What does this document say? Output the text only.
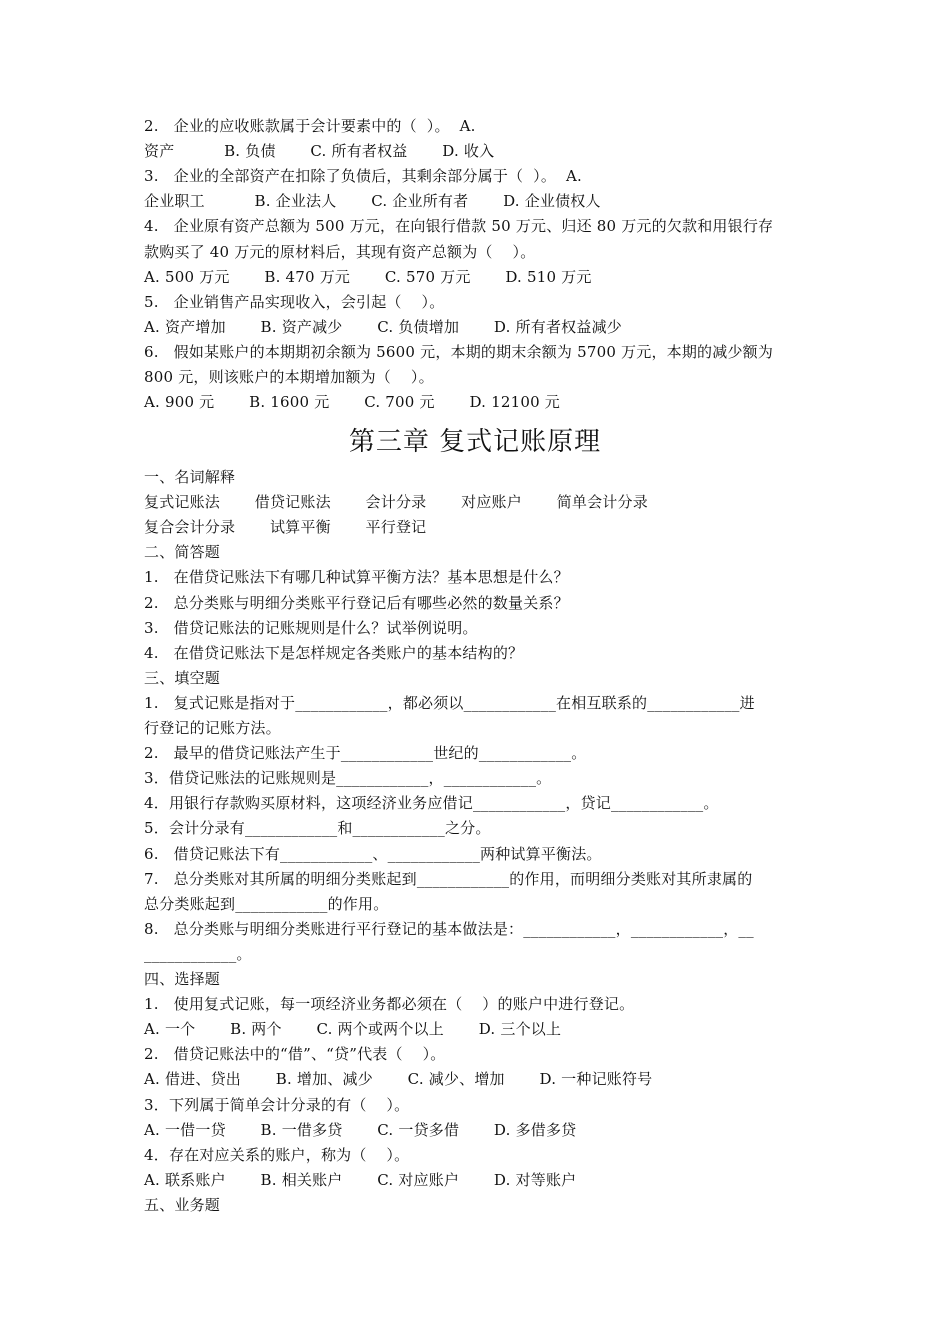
2.   企业的应收账款属于会计要素中的（  ）。  A.
资产          B. 负债       C. 所有者权益       D. 收入
3.   企业的全部资产在扣除了负债后，其剩余部分属于（  ）。  A.
企业职工          B. 企业法人       C. 企业所有者       D. 企业债权人
4.   企业原有资产总额为 500 万元，在向银行借款 50 万元、归还 80 万元的欠款和用银行存
款购买了 40 万元的原材料后，其现有资产总额为（    ）。
A. 500 万元       B. 470 万元       C. 570 万元       D. 510 万元
5.   企业销售产品实现收入，会引起（    ）。
A. 资产增加       B. 资产减少       C. 负债增加       D. 所有者权益减少
6.   假如某账户的本期期初余额为 5600 元，本期的期末余额为 5700 万元，本期的减少额为
800 元，则该账户的本期增加额为（    ）。
A. 900 元       B. 1600 元       C. 700 元       D. 12100 元
第三章 复式记账原理
一、名词解释
复式记账法       借贷记账法       会计分录       对应账户       简单会计分录
复合会计分录       试算平衡       平行登记
二、简答题
1.   在借贷记账法下有哪几种试算平衡方法？基本思想是什么？
2.   总分类账与明细分类账平行登记后有哪些必然的数量关系？
3.   借贷记账法的记账规则是什么？试举例说明。
4.   在借贷记账法下是怎样规定各类账户的基本结构的？
三、填空题
1.   复式记账是指对于____________，都必须以____________在相互联系的____________进
行登记的记账方法。
2.   最早的借贷记账法产生于____________世纪的____________。
3．借贷记账法的记账规则是____________，____________。
4．用银行存款购买原材料，这项经济业务应借记____________，贷记____________。
5．会计分录有____________和____________之分。
6.   借贷记账法下有____________、____________两种试算平衡法。
7.   总分类账对其所属的明细分类账起到____________的作用，而明细分类账对其所隶属的
总分类账起到____________的作用。
8.   总分类账与明细分类账进行平行登记的基本做法是：____________，____________，__
____________。
四、选择题
1.   使用复式记账，每一项经济业务都必须在（    ）的账户中进行登记。
A. 一个       B. 两个       C. 两个或两个以上       D. 三个以上
2.   借贷记账法中的“借”、“贷”代表（    ）。
A. 借进、贷出       B. 增加、减少       C. 减少、增加       D. 一种记账符号
3．下列属于简单会计分录的有（    ）。
A. 一借一贷       B. 一借多贷       C. 一贷多借       D. 多借多贷
4．存在对应关系的账户，称为（    ）。
A. 联系账户       B. 相关账户       C. 对应账户       D. 对等账户
五、业务题
